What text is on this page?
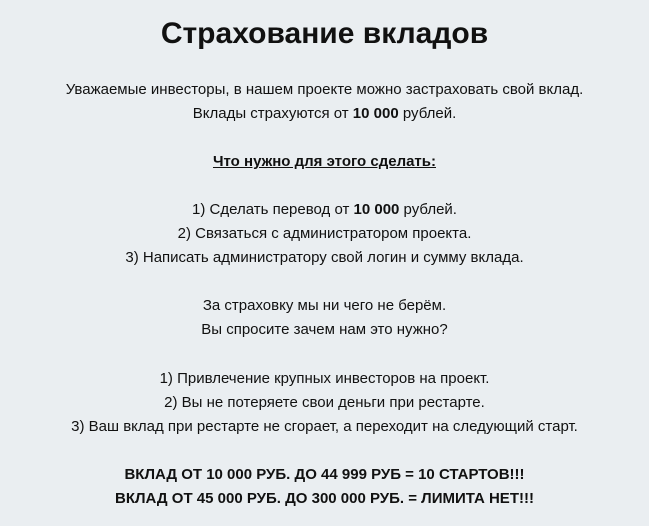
Страхование вкладов
Уважаемые инвесторы, в нашем проекте можно застраховать свой вклад.
Вклады страхуются от 10 000 рублей.
Что нужно для этого сделать:
1) Сделать перевод от 10 000 рублей.
2) Связаться с администратором проекта.
3) Написать администратору свой логин и сумму вклада.
За страховку мы ни чего не берём.
Вы спросите зачем нам это нужно?
1) Привлечение крупных инвесторов на проект.
2) Вы не потеряете свои деньги при рестарте.
3) Ваш вклад при рестарте не сгорает, а переходит на следующий старт.
ВКЛАД ОТ 10 000 РУБ. ДО 44 999 РУБ = 10 СТАРТОВ!!!
ВКЛАД ОТ 45 000 РУБ. ДО 300 000 РУБ. = ЛИМИТА НЕТ!!!
